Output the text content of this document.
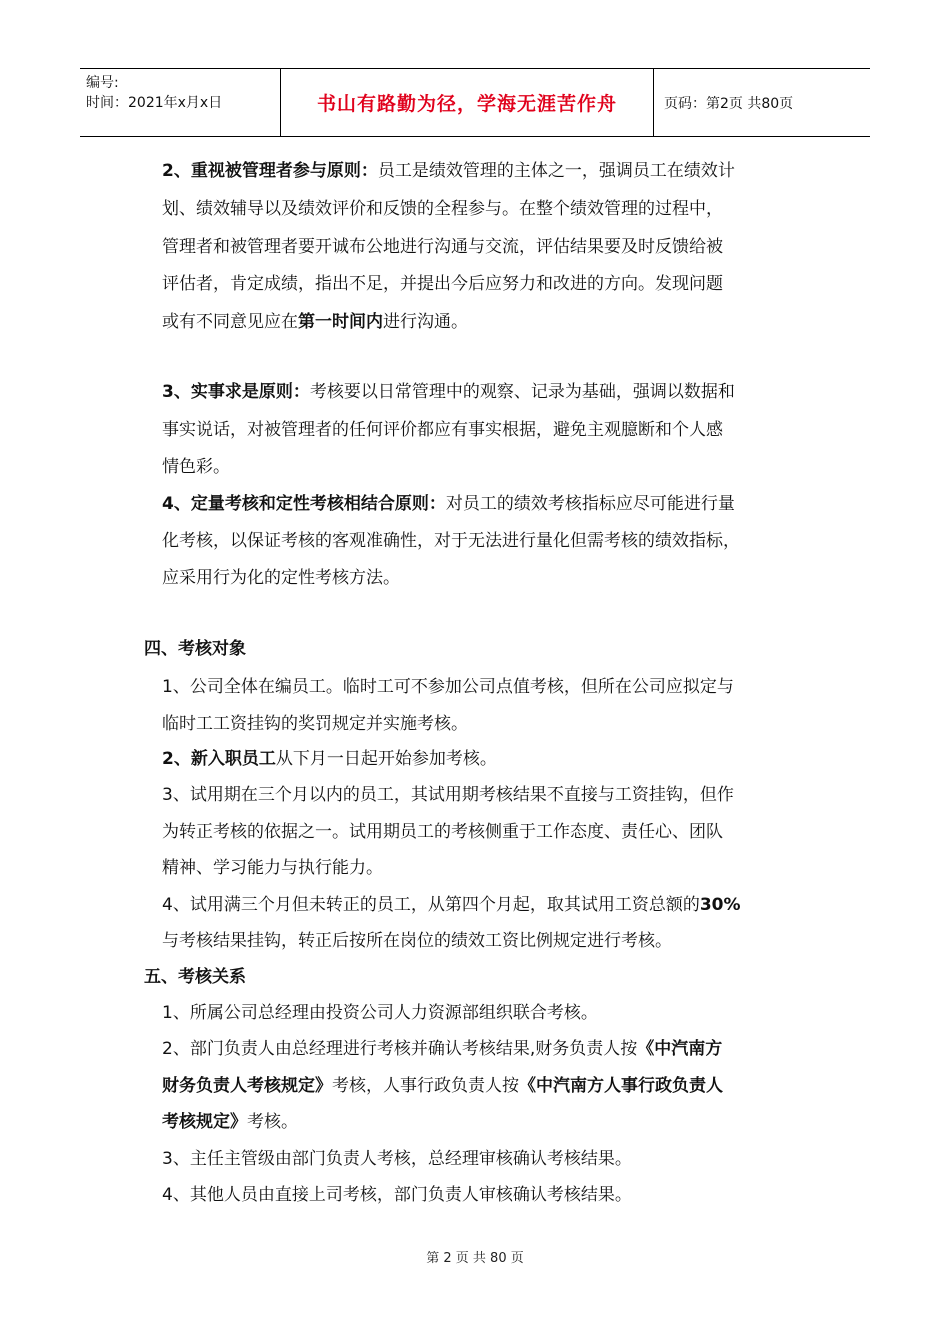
编号:
时间：2021年x月x日	书山有路勤为径，学海无涯苦作舟	页码：第2页 共80页
2、重视被管理者参与原则：员工是绩效管理的主体之一，强调员工在绩效计
划、绩效辅导以及绩效评价和反馈的全程参与。在整个绩效管理的过程中，
管理者和被管理者要开诚布公地进行沟通与交流，评估结果要及时反馈给被
评估者，肯定成绩，指出不足，并提出今后应努力和改进的方向。发现问题
或有不同意见应在第一时间内进行沟通。
3、实事求是原则：考核要以日常管理中的观察、记录为基础，强调以数据和
事实说话，对被管理者的任何评价都应有事实根据，避免主观臆断和个人感
情色彩。
4、定量考核和定性考核相结合原则：对员工的绩效考核指标应尽可能进行量
化考核，以保证考核的客观准确性，对于无法进行量化但需考核的绩效指标，
应采用行为化的定性考核方法。
四、考核对象
1、公司全体在编员工。临时工可不参加公司点值考核，但所在公司应拟定与
临时工工资挂钩的奖罚规定并实施考核。
2、新入职员工从下月一日起开始参加考核。
3、试用期在三个月以内的员工，其试用期考核结果不直接与工资挂钩，但作
为转正考核的依据之一。试用期员工的考核侧重于工作态度、责任心、团队
精神、学习能力与执行能力。
4、试用满三个月但未转正的员工，从第四个月起，取其试用工资总额的30%
与考核结果挂钩，转正后按所在岗位的绩效工资比例规定进行考核。
五、考核关系
1、所属公司总经理由投资公司人力资源部组织联合考核。
2、部门负责人由总经理进行考核并确认考核结果,财务负责人按《中汽南方
财务负责人考核规定》考核，人事行政负责人按《中汽南方人事行政负责人
考核规定》考核。
3、主任主管级由部门负责人考核，总经理审核确认考核结果。
4、其他人员由直接上司考核，部门负责人审核确认考核结果。
第 2 页 共 80 页
